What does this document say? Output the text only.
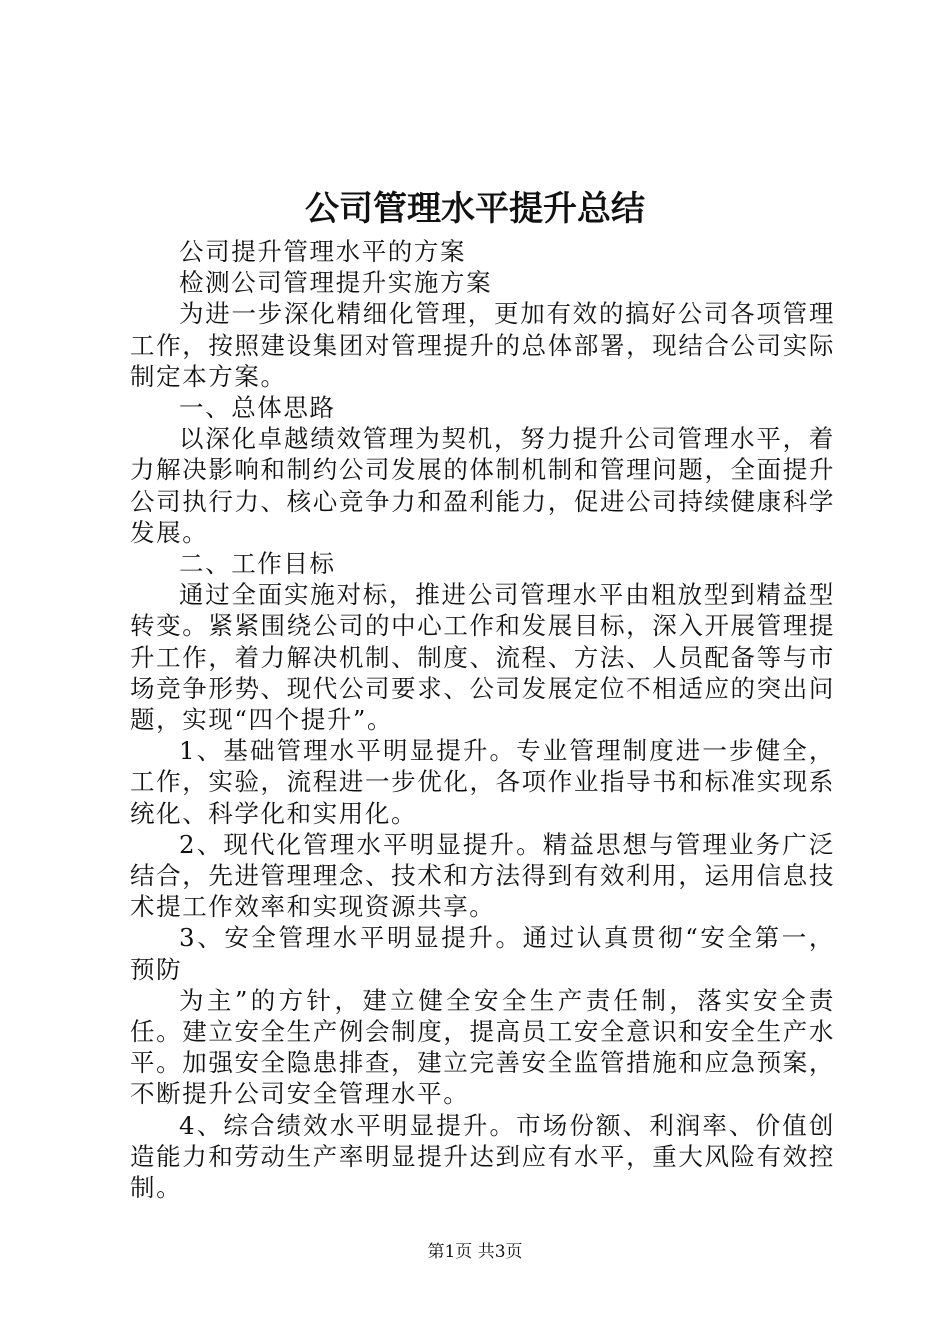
公司管理水平提升总结

公司提升管理水平的方案

检测公司管理提升实施方案

为进一步深化精细化管理，更加有效的搞好公司各项管理工作，按照建设集团对管理提升的总体部署，现结合公司实际制定本方案。

一、总体思路

以深化卓越绩效管理为契机，努力提升公司管理水平，着力解决影响和制约公司发展的体制机制和管理问题，全面提升公司执行力、核心竞争力和盈利能力，促进公司持续健康科学发展。

二、工作目标

通过全面实施对标，推进公司管理水平由粗放型到精益型转变。紧紧围绕公司的中心工作和发展目标，深入开展管理提升工作，着力解决机制、制度、流程、方法、人员配备等与市场竞争形势、现代公司要求、公司发展定位不相适应的突出问题，实现“四个提升”。

1、基础管理水平明显提升。专业管理制度进一步健全，工作，实验，流程进一步优化，各项作业指导书和标准实现系统化、科学化和实用化。

2、现代化管理水平明显提升。精益思想与管理业务广泛结合，先进管理理念、技术和方法得到有效利用，运用信息技术提工作效率和实现资源共享。

3、安全管理水平明显提升。通过认真贯彻“安全第一，预防

为主”的方针，建立健全安全生产责任制，落实安全责任。建立安全生产例会制度，提高员工安全意识和安全生产水平。加强安全隐患排查，建立完善安全监管措施和应急预案，不断提升公司安全管理水平。

4、综合绩效水平明显提升。市场份额、利润率、价值创造能力和劳动生产率明显提升达到应有水平，重大风险有效控制。

第1页 共3页
